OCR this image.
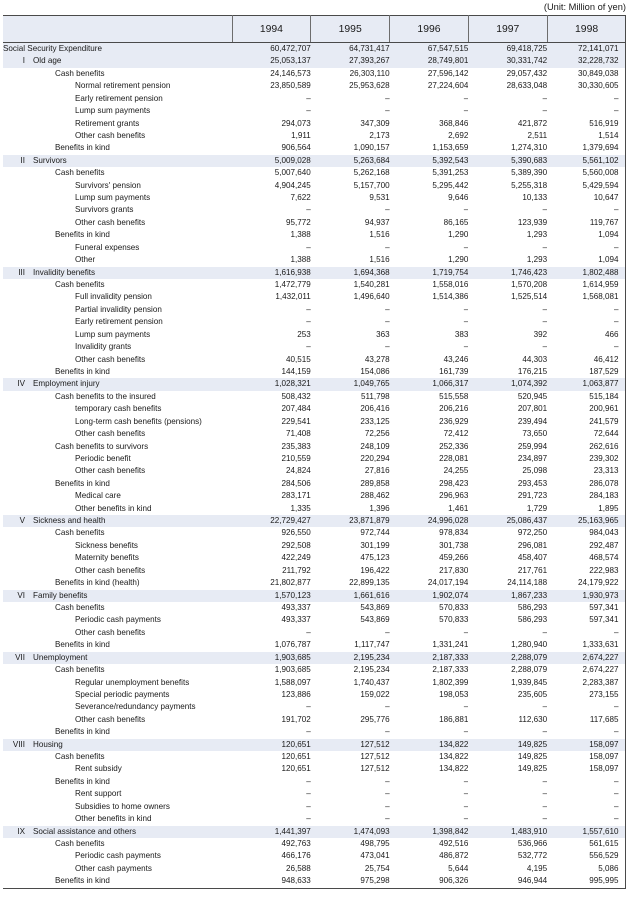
(Unit: Million of yen)
	1994	1995	1996	1997	1998
Social Security Expenditure	60,472,707	64,731,417	67,547,515	69,418,725	72,141,071
I Old age	25,053,137	27,393,267	28,749,801	30,331,742	32,228,732
Cash benefits	24,146,573	26,303,110	27,596,142	29,057,432	30,849,038
Normal retirement pension	23,850,589	25,953,628	27,224,604	28,633,048	30,330,605
Early retirement pension	–	–	–	–	–
Lump sum payments	–	–	–	–	–
Retirement grants	294,073	347,309	368,846	421,872	516,919
Other cash benefits	1,911	2,173	2,692	2,511	1,514
Benefits in kind	906,564	1,090,157	1,153,659	1,274,310	1,379,694
II Survivors	5,009,028	5,263,684	5,392,543	5,390,683	5,561,102
Cash benefits	5,007,640	5,262,168	5,391,253	5,389,390	5,560,008
Survivors' pension	4,904,245	5,157,700	5,295,442	5,255,318	5,429,594
Lump sum payments	7,622	9,531	9,646	10,133	10,647
Survivors grants	–	–	–	–	–
Other cash benefits	95,772	94,937	86,165	123,939	119,767
Benefits in kind	1,388	1,516	1,290	1,293	1,094
Funeral expenses	–	–	–	–	–
Other	1,388	1,516	1,290	1,293	1,094
III Invalidity benefits	1,616,938	1,694,368	1,719,754	1,746,423	1,802,488
Cash benefits	1,472,779	1,540,281	1,558,016	1,570,208	1,614,959
Full invalidity pension	1,432,011	1,496,640	1,514,386	1,525,514	1,568,081
Partial invalidity pension	–	–	–	–	–
Early retirement pension	–	–	–	–	–
Lump sum payments	253	363	383	392	466
Invalidity grants	–	–	–	–	–
Other cash benefits	40,515	43,278	43,246	44,303	46,412
Benefits in kind	144,159	154,086	161,739	176,215	187,529
IV Employment injury	1,028,321	1,049,765	1,066,317	1,074,392	1,063,877
Cash benefits to the insured	508,432	511,798	515,558	520,945	515,184
temporary cash benefits	207,484	206,416	206,216	207,801	200,961
Long-term cash benefits (pensions)	229,541	233,125	236,929	239,494	241,579
Other cash benefits	71,408	72,256	72,412	73,650	72,644
Cash benefits to survivors	235,383	248,109	252,336	259,994	262,616
Periodic benefit	210,559	220,294	228,081	234,897	239,302
Other cash benefits	24,824	27,816	24,255	25,098	23,313
Benefits in kind	284,506	289,858	298,423	293,453	286,078
Medical care	283,171	288,462	296,963	291,723	284,183
Other benefits in kind	1,335	1,396	1,461	1,729	1,895
V Sickness and health	22,729,427	23,871,879	24,996,028	25,086,437	25,163,965
Cash benefits	926,550	972,744	978,834	972,250	984,043
Sickness benefits	292,508	301,199	301,738	296,081	292,487
Maternity benefits	422,249	475,123	459,266	458,407	468,574
Other cash benefits	211,792	196,422	217,830	217,761	222,983
Benefits in kind (health)	21,802,877	22,899,135	24,017,194	24,114,188	24,179,922
VI Family benefits	1,570,123	1,661,616	1,902,074	1,867,233	1,930,973
Cash benefits	493,337	543,869	570,833	586,293	597,341
Periodic cash payments	493,337	543,869	570,833	586,293	597,341
Other cash benefits	–	–	–	–	–
Benefits in kind	1,076,787	1,117,747	1,331,241	1,280,940	1,333,631
VII Unemployment	1,903,685	2,195,234	2,187,333	2,288,079	2,674,227
Cash benefits	1,903,685	2,195,234	2,187,333	2,288,079	2,674,227
Regular unemployment benefits	1,588,097	1,740,437	1,802,399	1,939,845	2,283,387
Special periodic payments	123,886	159,022	198,053	235,605	273,155
Severance/redundancy payments	–	–	–	–	–
Other cash benefits	191,702	295,776	186,881	112,630	117,685
Benefits in kind	–	–	–	–	–
VIII Housing	120,651	127,512	134,822	149,825	158,097
Cash benefits	120,651	127,512	134,822	149,825	158,097
Rent subsidy	120,651	127,512	134,822	149,825	158,097
Benefits in kind	–	–	–	–	–
Rent support	–	–	–	–	–
Subsidies to home owners	–	–	–	–	–
Other benefits in kind	–	–	–	–	–
IX Social assistance and others	1,441,397	1,474,093	1,398,842	1,483,910	1,557,610
Cash benefits	492,763	498,795	492,516	536,966	561,615
Periodic cash payments	466,176	473,041	486,872	532,772	556,529
Other cash payments	26,588	25,754	5,644	4,195	5,086
Benefits in kind	948,633	975,298	906,326	946,944	995,995
